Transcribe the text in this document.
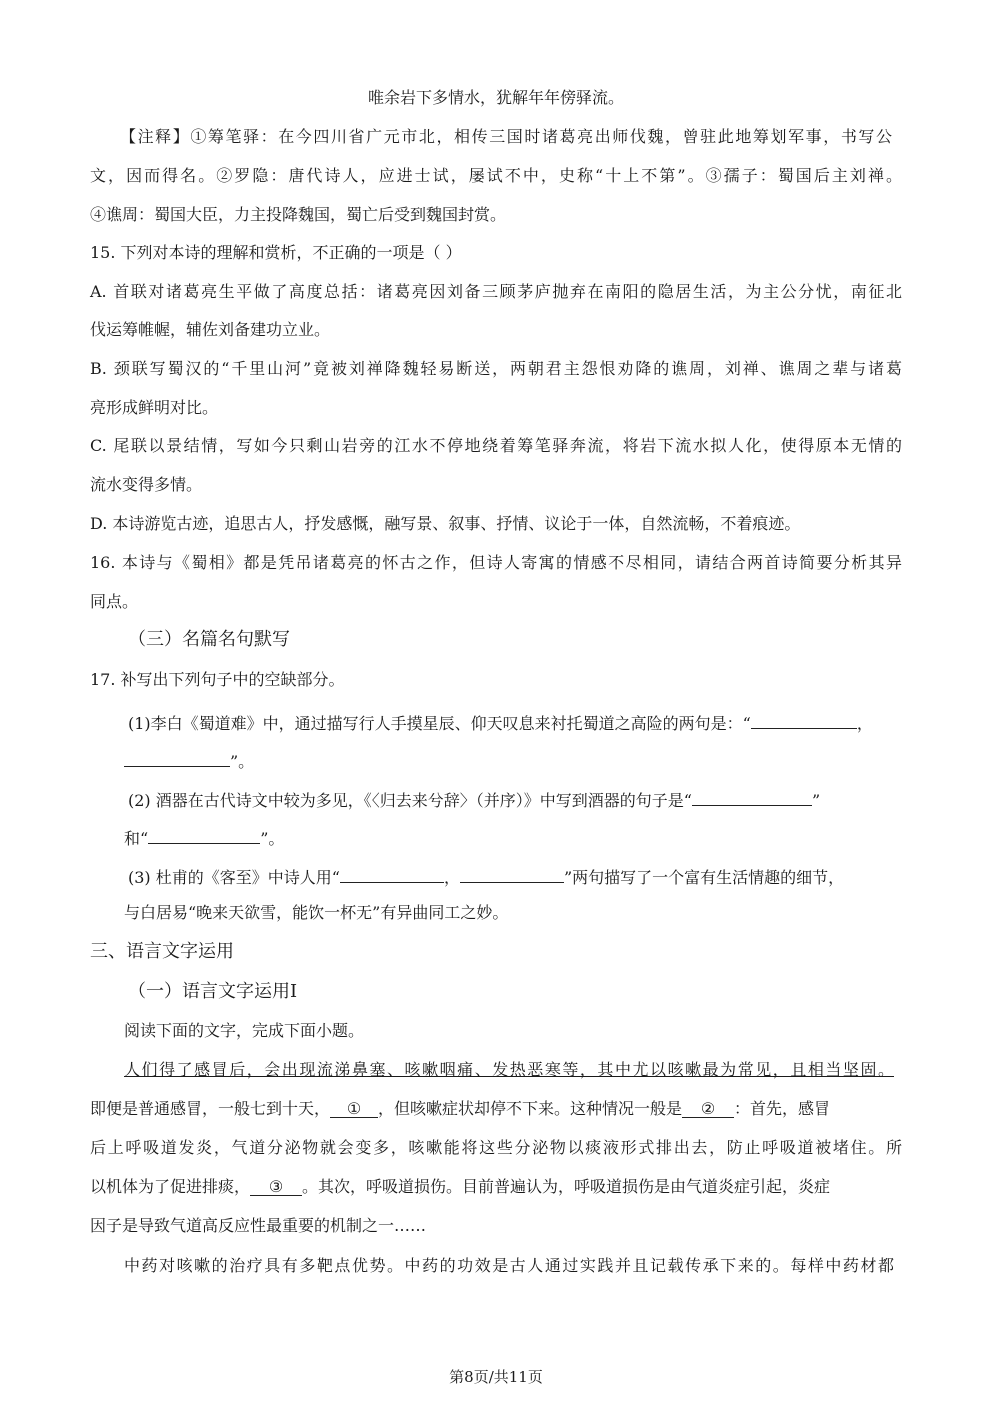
唯余岩下多情水，犹解年年傍驿流。
【注释】①筹笔驿：在今四川省广元市北，相传三国时诸葛亮出师伐魏，曾驻此地筹划军事，书写公
文，因而得名。②罗隐：唐代诗人，应进士试，屡试不中，史称“十上不第”。③孺子：蜀国后主刘禅。
④谯周：蜀国大臣，力主投降魏国，蜀亡后受到魏国封赏。
15. 下列对本诗的理解和赏析，不正确的一项是（ ）
A. 首联对诸葛亮生平做了高度总括：诸葛亮因刘备三顾茅庐抛弃在南阳的隐居生活，为主公分忧，南征北
伐运筹帷幄，辅佐刘备建功立业。
B. 颈联写蜀汉的“千里山河”竟被刘禅降魏轻易断送，两朝君主怨恨劝降的谯周，刘禅、谯周之辈与诸葛
亮形成鲜明对比。
C. 尾联以景结情，写如今只剩山岩旁的江水不停地绕着筹笔驿奔流，将岩下流水拟人化，使得原本无情的
流水变得多情。
D. 本诗游览古迹，追思古人，抒发感慨，融写景、叙事、抒情、议论于一体，自然流畅，不着痕迹。
16. 本诗与《蜀相》都是凭吊诸葛亮的怀古之作，但诗人寄寓的情感不尽相同，请结合两首诗简要分析其异
同点。
（三）名篇名句默写
17. 补写出下列句子中的空缺部分。
(1)李白《蜀道难》中，通过描写行人手摸星辰、仰天叹息来衬托蜀道之高险的两句是：“	，
”。
(2) 酒器在古代诗文中较为多见，《〈归去来兮辞〉（并序）》中写到酒器的句子是“	”
和“	”。
(3) 杜甫的《客至》中诗人用“	，	”两句描写了一个富有生活情趣的细节，
与白居易“晚来天欲雪，能饮一杯无”有异曲同工之妙。
三、语言文字运用
（一）语言文字运用Ⅰ
阅读下面的文字，完成下面小题。
人们得了感冒后，会出现流涕鼻塞、咳嗽咽痛、发热恶寒等，其中尤以咳嗽最为常见，且相当坚固。
即便是普通感冒，一般七到十天， ① ，但咳嗽症状却停不下来。这种情况一般是 ② ：首先，感冒
后上呼吸道发炎，气道分泌物就会变多，咳嗽能将这些分泌物以痰液形式排出去，防止呼吸道被堵住。所
以机体为了促进排痰， ③ 。其次，呼吸道损伤。目前普遍认为，呼吸道损伤是由气道炎症引起，炎症
因子是导致气道高反应性最重要的机制之一……
中药对咳嗽的治疗具有多靶点优势。中药的功效是古人通过实践并且记载传承下来的。每样中药材都
第8页/共11页
